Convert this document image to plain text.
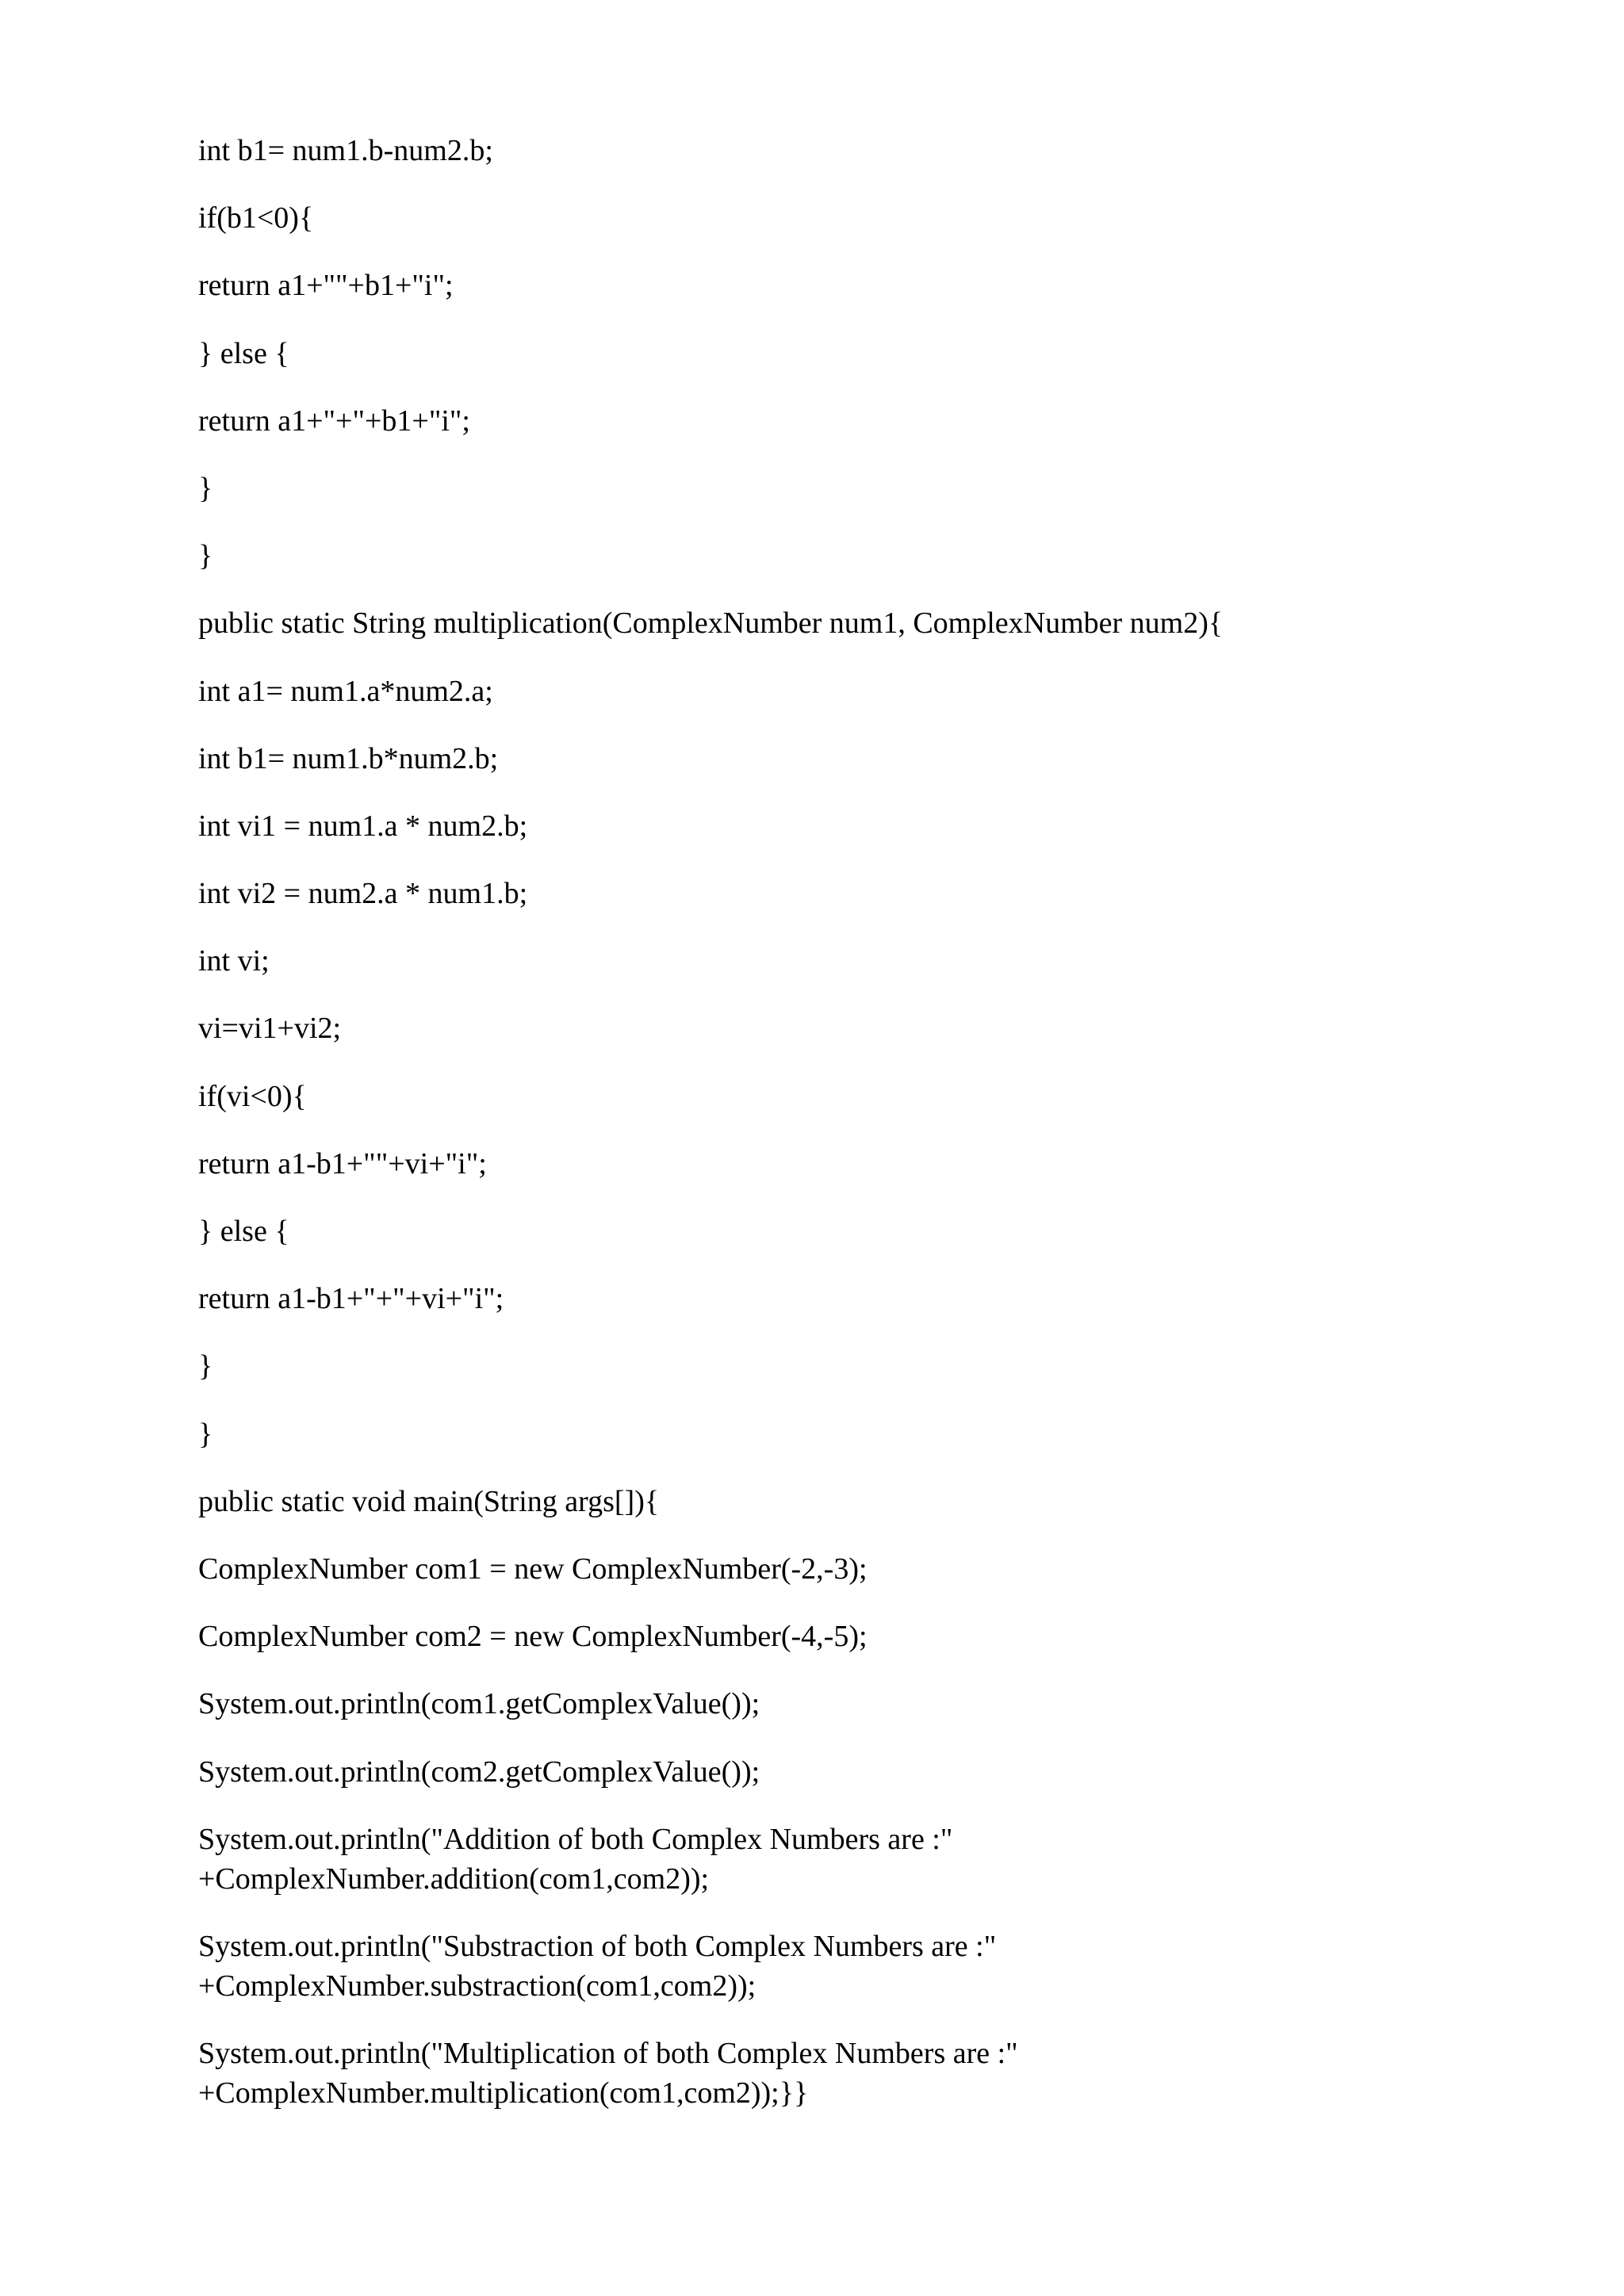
int b1= num1.b-num2.b;

if(b1<0){

return a1+""+b1+"i";

} else {

return a1+"+"+b1+"i";

}

}

public static String multiplication(ComplexNumber num1, ComplexNumber num2){

int a1= num1.a*num2.a;

int b1= num1.b*num2.b;

int vi1 = num1.a * num2.b;

int vi2 = num2.a * num1.b;

int vi;

vi=vi1+vi2;

if(vi<0){

return a1-b1+""+vi+"i";

} else {

return a1-b1+"+"+vi+"i";

}

}

public static void main(String args[]){

ComplexNumber com1 = new ComplexNumber(-2,-3);

ComplexNumber com2 = new ComplexNumber(-4,-5);

System.out.println(com1.getComplexValue());

System.out.println(com2.getComplexValue());

System.out.println("Addition of both Complex Numbers are :"
+ComplexNumber.addition(com1,com2));

System.out.println("Substraction of both Complex Numbers are :"
+ComplexNumber.substraction(com1,com2));

System.out.println("Multiplication of both Complex Numbers are :"
+ComplexNumber.multiplication(com1,com2));}}
